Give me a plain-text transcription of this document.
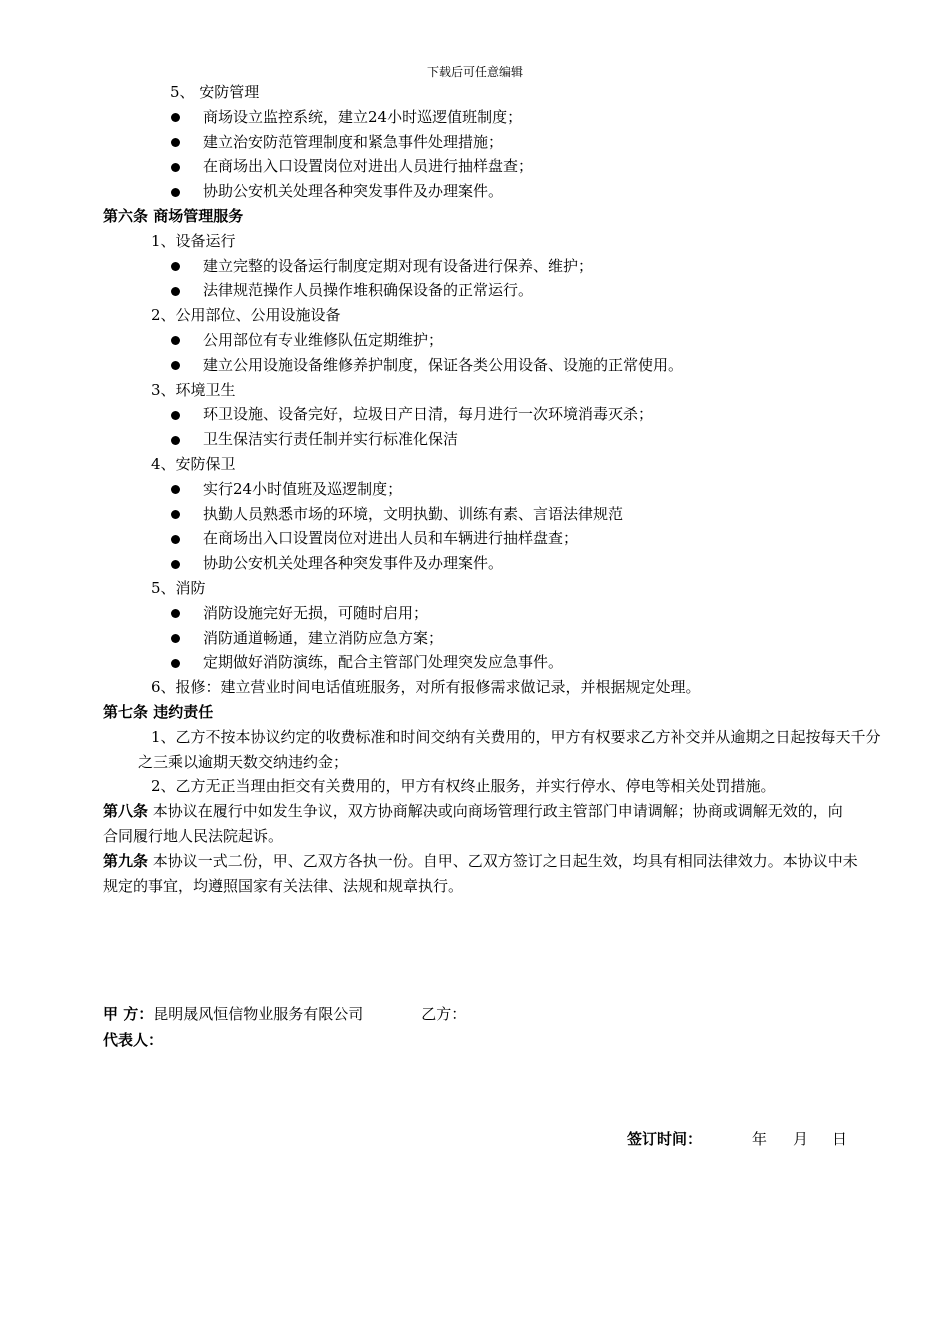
下载后可任意编辑
5、 安防管理
商场设立监控系统，建立24小时巡逻值班制度；
建立治安防范管理制度和紧急事件处理措施；
在商场出入口设置岗位对进出人员进行抽样盘查；
协助公安机关处理各种突发事件及办理案件。
第六条 商场管理服务
1、设备运行
建立完整的设备运行制度定期对现有设备进行保养、维护；
法律规范操作人员操作堆积确保设备的正常运行。
2、公用部位、公用设施设备
公用部位有专业维修队伍定期维护；
建立公用设施设备维修养护制度，保证各类公用设备、设施的正常使用。
3、环境卫生
环卫设施、设备完好，垃圾日产日清，每月进行一次环境消毒灭杀；
卫生保洁实行责任制并实行标准化保洁
4、安防保卫
实行24小时值班及巡逻制度；
执勤人员熟悉市场的环境，文明执勤、训练有素、言语法律规范
在商场出入口设置岗位对进出人员和车辆进行抽样盘查；
协助公安机关处理各种突发事件及办理案件。
5、消防
消防设施完好无损，可随时启用；
消防通道畅通，建立消防应急方案；
定期做好消防演练，配合主管部门处理突发应急事件。
6、报修：建立营业时间电话值班服务，对所有报修需求做记录，并根据规定处理。
第七条 违约责任
1、乙方不按本协议约定的收费标准和时间交纳有关费用的，甲方有权要求乙方补交并从逾期之日起按每天千分之三乘以逾期天数交纳违约金；
2、乙方无正当理由拒交有关费用的，甲方有权终止服务，并实行停水、停电等相关处罚措施。
第八条 本协议在履行中如发生争议，双方协商解决或向商场管理行政主管部门申请调解；协商或调解无效的，向合同履行地人民法院起诉。
第九条 本协议一式二份，甲、乙双方各执一份。自甲、乙双方签订之日起生效，均具有相同法律效力。本协议中未规定的事宜，均遵照国家有关法律、法规和规章执行。
甲 方：昆明晟风恒信物业服务有限公司	乙方：
代表人：
签订时间：	年 月 日
